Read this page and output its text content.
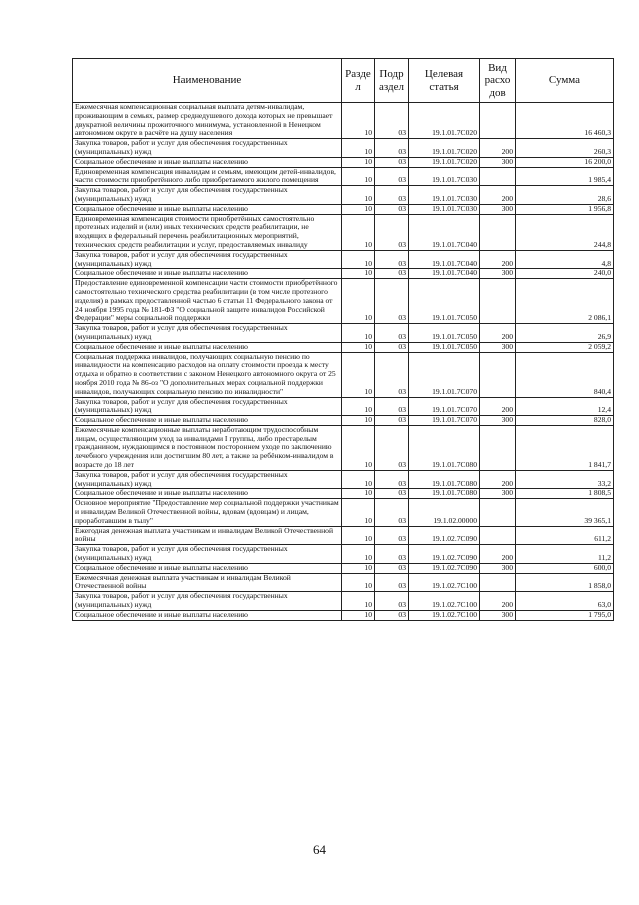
Наименование	Разде л	Подр аздел	Целевая статья	Вид расхо дов	Сумма
Ежемесячная компенсационная социальная выплата детям-инвалидам, проживающим в семьях, размер среднедушевого дохода которых не превышает двукратной величины прожиточного минимума, установленной в Ненецком автономном округе в расчёте на душу населения	10	03	19.1.01.7С020		16 460,3
Закупка товаров, работ и услуг для обеспечения государственных (муниципальных) нужд	10	03	19.1.01.7С020	200	260,3
Социальное обеспечение и иные выплаты населению	10	03	19.1.01.7С020	300	16 200,0
Единовременная компенсация инвалидам и семьям, имеющим детей-инвалидов, части стоимости приобретённого либо приобретаемого жилого помещения	10	03	19.1.01.7С030		1 985,4
Закупка товаров, работ и услуг для обеспечения государственных (муниципальных) нужд	10	03	19.1.01.7С030	200	28,6
Социальное обеспечение и иные выплаты населению	10	03	19.1.01.7С030	300	1 956,8
Единовременная компенсация стоимости приобретённых самостоятельно протезных изделий и (или) иных технических средств реабилитации, не входящих в федеральный перечень реабилитационных мероприятий, технических средств реабилитации и услуг, предоставляемых инвалиду	10	03	19.1.01.7С040		244,8
Закупка товаров, работ и услуг для обеспечения государственных (муниципальных) нужд	10	03	19.1.01.7С040	200	4,8
Социальное обеспечение и иные выплаты населению	10	03	19.1.01.7С040	300	240,0
Предоставление единовременной компенсации части стоимости приобретённого самостоятельно технического средства реабилитации (в том числе протезного изделия) в рамках предоставленной частью 6 статьи 11 Федерального закона от 24 ноября 1995 года № 181-ФЗ "О социальной защите инвалидов Российской Федерации" меры социальной поддержки	10	03	19.1.01.7С050		2 086,1
Закупка товаров, работ и услуг для обеспечения государственных (муниципальных) нужд	10	03	19.1.01.7С050	200	26,9
Социальное обеспечение и иные выплаты населению	10	03	19.1.01.7С050	300	2 059,2
Социальная поддержка инвалидов, получающих социальную пенсию по инвалидности на компенсацию расходов на оплату стоимости проезда к месту отдыха и обратно в соответствии с законом Ненецкого автономного округа от 25 ноября 2010 года № 86-оз "О дополнительных мерах социальной поддержки инвалидов, получающих социальную пенсию по инвалидности"	10	03	19.1.01.7С070		840,4
Закупка товаров, работ и услуг для обеспечения государственных (муниципальных) нужд	10	03	19.1.01.7С070	200	12,4
Социальное обеспечение и иные выплаты населению	10	03	19.1.01.7С070	300	828,0
Ежемесячные компенсационные выплаты неработающим трудоспособным лицам, осуществляющим уход за инвалидами I группы, либо престарелым гражданином, нуждающимся в постоянном постороннем уходе по заключению лечебного учреждения или достигшим 80 лет, а также за ребёнком-инвалидом в возрасте до 18 лет	10	03	19.1.01.7С080		1 841,7
Закупка товаров, работ и услуг для обеспечения государственных (муниципальных) нужд	10	03	19.1.01.7С080	200	33,2
Социальное обеспечение и иные выплаты населению	10	03	19.1.01.7С080	300	1 808,5
Основное мероприятие "Предоставление мер социальной поддержки участникам и инвалидам Великой Отечественной войны, вдовам (вдовцам) и лицам, проработавшим в тылу"	10	03	19.1.02.00000		39 365,1
Ежегодная денежная выплата участникам и инвалидам Великой Отечественной войны	10	03	19.1.02.7С090		611,2
Закупка товаров, работ и услуг для обеспечения государственных (муниципальных) нужд	10	03	19.1.02.7С090	200	11,2
Социальное обеспечение и иные выплаты населению	10	03	19.1.02.7С090	300	600,0
Ежемесячная денежная выплата участникам и инвалидам Великой Отечественной войны	10	03	19.1.02.7С100		1 858,0
Закупка товаров, работ и услуг для обеспечения государственных (муниципальных) нужд	10	03	19.1.02.7С100	200	63,0
Социальное обеспечение и иные выплаты населению	10	03	19.1.02.7С100	300	1 795,0
64
